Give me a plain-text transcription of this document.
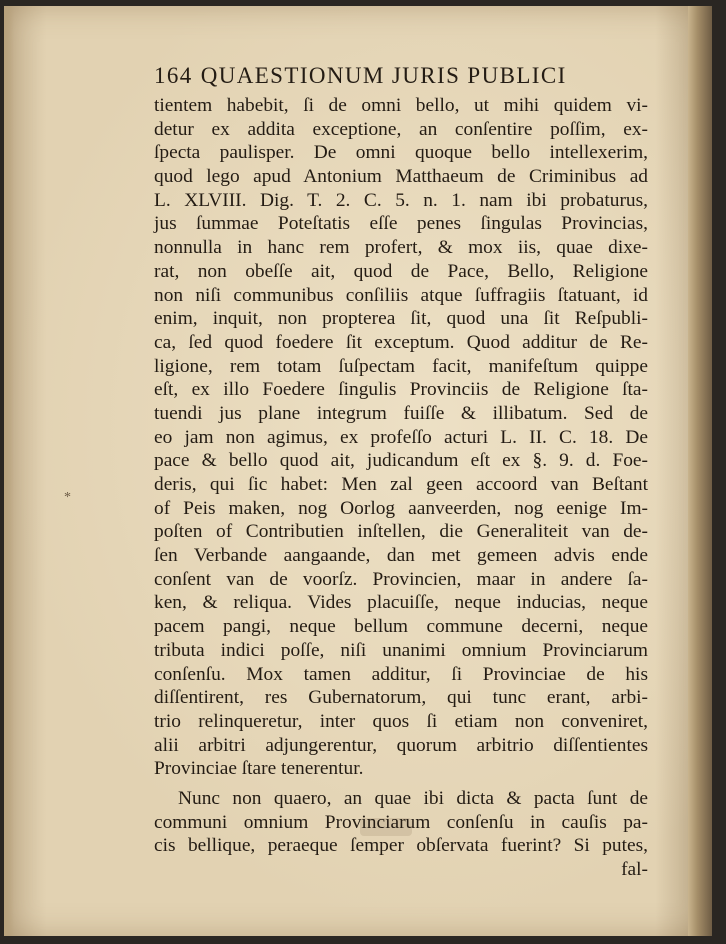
*
164 QUAESTIONUM JURIS PUBLICI
tientem habebit, ſi de omni bello, ut mihi quidem vi-
detur ex addita exceptione, an conſentire poſſim, ex-
ſpecta paulisper. De omni quoque bello intellexerim,
quod lego apud Antonium Matthaeum de Criminibus ad
L. XLVIII. Dig. T. 2. C. 5. n. 1. nam ibi probaturus,
jus ſummae Poteſtatis eſſe penes ſingulas Provincias,
nonnulla in hanc rem profert, & mox iis, quae dixe-
rat, non obeſſe ait, quod de Pace, Bello, Religione
non niſi communibus conſiliis atque ſuffragiis ſtatuant, id
enim, inquit, non propterea ſit, quod una ſit Reſpubli-
ca, ſed quod foedere ſit exceptum. Quod additur de Re-
ligione, rem totam ſuſpectam facit, manifeſtum quippe
eſt, ex illo Foedere ſingulis Provinciis de Religione ſta-
tuendi jus plane integrum fuiſſe & illibatum. Sed de
eo jam non agimus, ex profeſſo acturi L. II. C. 18. De
pace & bello quod ait, judicandum eſt ex §. 9. d. Foe-
deris, qui ſic habet: Men zal geen accoord van Beſtant
of Peis maken, nog Oorlog aanveerden, nog eenige Im-
poſten of Contributien inſtellen, die Generaliteit van de-
ſen Verbande aangaande, dan met gemeen advis ende
conſent van de voorſz. Provincien, maar in andere ſa-
ken, & reliqua. Vides placuiſſe, neque inducias, neque
pacem pangi, neque bellum commune decerni, neque
tributa indici poſſe, niſi unanimi omnium Provinciarum
conſenſu. Mox tamen additur, ſi Provinciae de his
diſſentirent, res Gubernatorum, qui tunc erant, arbi-
trio relinqueretur, inter quos ſi etiam non conveniret,
alii arbitri adjungerentur, quorum arbitrio diſſentientes
Provinciae ſtare tenerentur.
Nunc non quaero, an quae ibi dicta & pacta ſunt de
communi omnium Provinciarum conſenſu in cauſis pa-
cis bellique, peraeque ſemper obſervata fuerint? Si putes,
fal-
